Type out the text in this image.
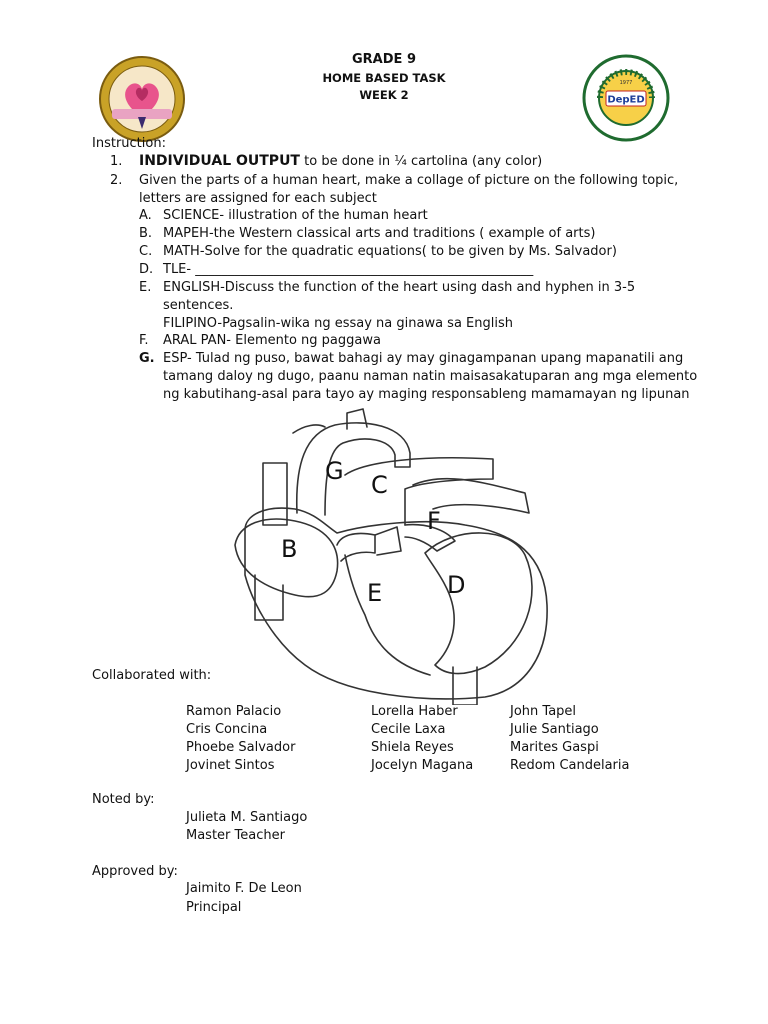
GRADE 9
HOME BASED TASK
WEEK 2	DepED
1977
Instruction:
1. INDIVIDUAL OUTPUT to be done in ¼ cartolina (any color)
2. Given the parts of a human heart, make a collage of picture on the following topic,
letters are assigned for each subject
A. SCIENCE- illustration of the human heart
B. MAPEH-the Western classical arts and traditions ( example of arts)
C. MATH-Solve for the quadratic equations( to be given by Ms. Salvador)
D. TLE- ____________________________________________________
E. ENGLISH-Discuss the function of the heart using dash and hyphen in 3-5
sentences.
FILIPINO-Pagsalin-wika ng essay na ginawa sa English
F. ARAL PAN- Elemento ng paggawa
G. ESP- Tulad ng puso, bawat bahagi ay may ginagampanan upang mapanatili ang
tamang daloy ng dugo, paanu naman natin maisasakatuparan ang mga elemento
ng kabutihang-asal para tayo ay maging responsableng mamamayan ng lipunan
G C
F
B
E	D
Collaborated with:
Ramon Palacio
Cris Concina
Phoebe Salvador
Jovinet Sintos
Lorella Haber
Cecile Laxa
Shiela Reyes
Jocelyn Magana
John Tapel
Julie Santiago
Marites Gaspi
Redom Candelaria
Noted by:
Julieta M. Santiago
Master Teacher
Approved by:
Jaimito F. De Leon
Principal
